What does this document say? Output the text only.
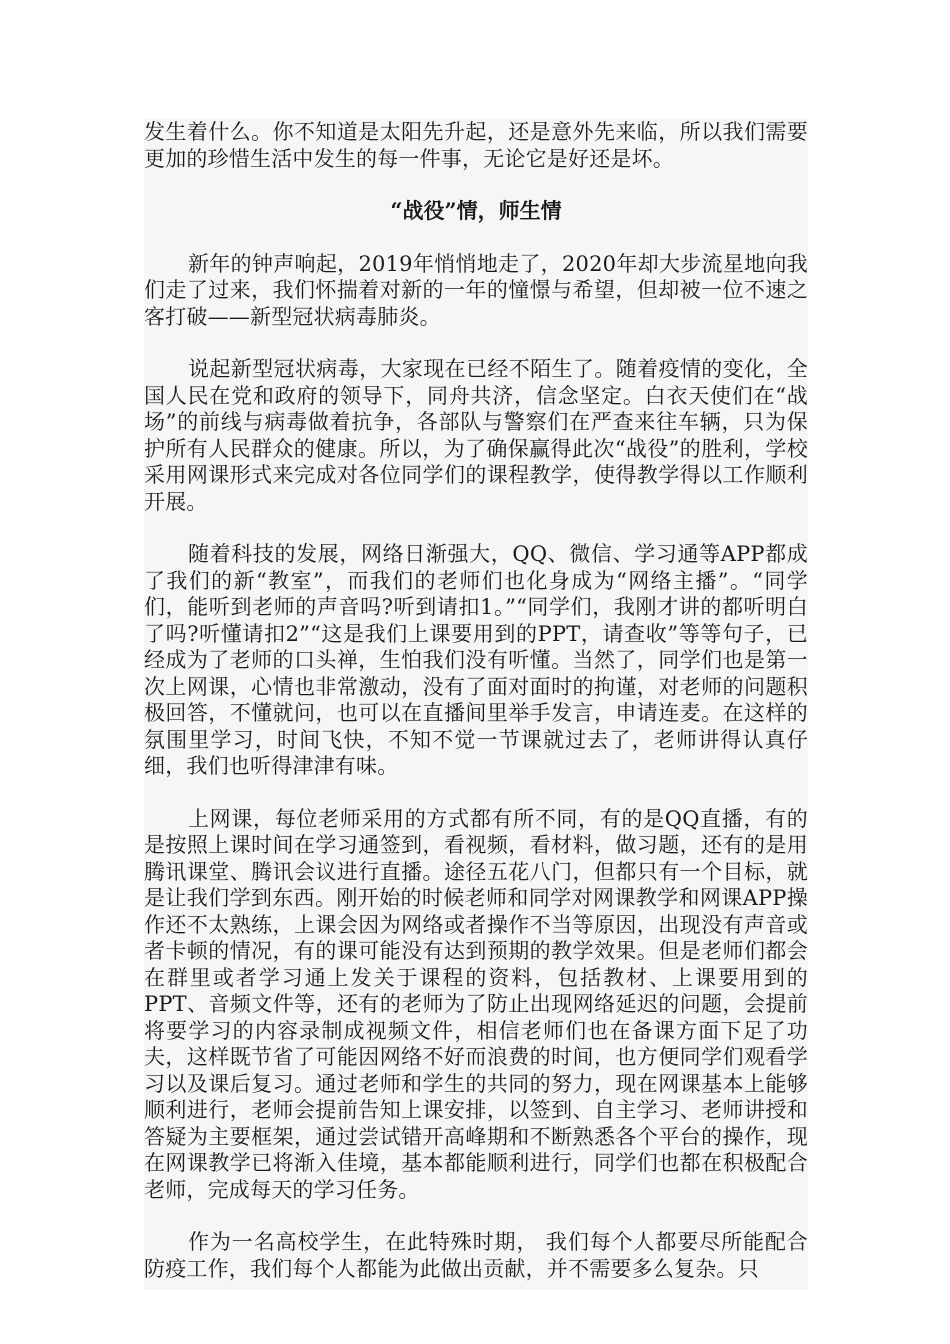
发生着什么。你不知道是太阳先升起，还是意外先来临，所以我们需要更加的珍惜生活中发生的每一件事，无论它是好还是坏。

“战役”情，师生情

新年的钟声响起，2019年悄悄地走了，2020年却大步流星地向我们走了过来，我们怀揣着对新的一年的憧憬与希望，但却被一位不速之客打破——新型冠状病毒肺炎。

说起新型冠状病毒，大家现在已经不陌生了。随着疫情的变化，全国人民在党和政府的领导下，同舟共济，信念坚定。白衣天使们在“战场”的前线与病毒做着抗争，各部队与警察们在严查来往车辆，只为保护所有人民群众的健康。所以，为了确保赢得此次“战役”的胜利，学校采用网课形式来完成对各位同学们的课程教学，使得教学得以工作顺利开展。

随着科技的发展，网络日渐强大，QQ、微信、学习通等APP都成了我们的新“教室”，而我们的老师们也化身成为“网络主播”。“同学们，能听到老师的声音吗?听到请扣1。”“同学们，我刚才讲的都听明白了吗?听懂请扣2”“这是我们上课要用到的PPT，请查收”等等句子，已经成为了老师的口头禅，生怕我们没有听懂。当然了，同学们也是第一次上网课，心情也非常激动，没有了面对面时的拘谨，对老师的问题积极回答，不懂就问，也可以在直播间里举手发言，申请连麦。在这样的氛围里学习，时间飞快，不知不觉一节课就过去了，老师讲得认真仔细，我们也听得津津有味。

上网课，每位老师采用的方式都有所不同，有的是QQ直播，有的是按照上课时间在学习通签到，看视频，看材料，做习题，还有的是用腾讯课堂、腾讯会议进行直播。途径五花八门，但都只有一个目标，就是让我们学到东西。刚开始的时候老师和同学对网课教学和网课APP操作还不太熟练，上课会因为网络或者操作不当等原因，出现没有声音或者卡顿的情况，有的课可能没有达到预期的教学效果。但是老师们都会在群里或者学习通上发关于课程的资料，包括教材、上课要用到的PPT、音频文件等，还有的老师为了防止出现网络延迟的问题，会提前将要学习的内容录制成视频文件，相信老师们也在备课方面下足了功夫，这样既节省了可能因网络不好而浪费的时间，也方便同学们观看学习以及课后复习。通过老师和学生的共同的努力，现在网课基本上能够顺利进行，老师会提前告知上课安排，以签到、自主学习、老师讲授和答疑为主要框架，通过尝试错开高峰期和不断熟悉各个平台的操作，现在网课教学已将渐入佳境，基本都能顺利进行，同学们也都在积极配合老师，完成每天的学习任务。

作为一名高校学生，在此特殊时期， 我们每个人都要尽所能配合防疫工作，我们每个人都能为此做出贡献，并不需要多么复杂。只
